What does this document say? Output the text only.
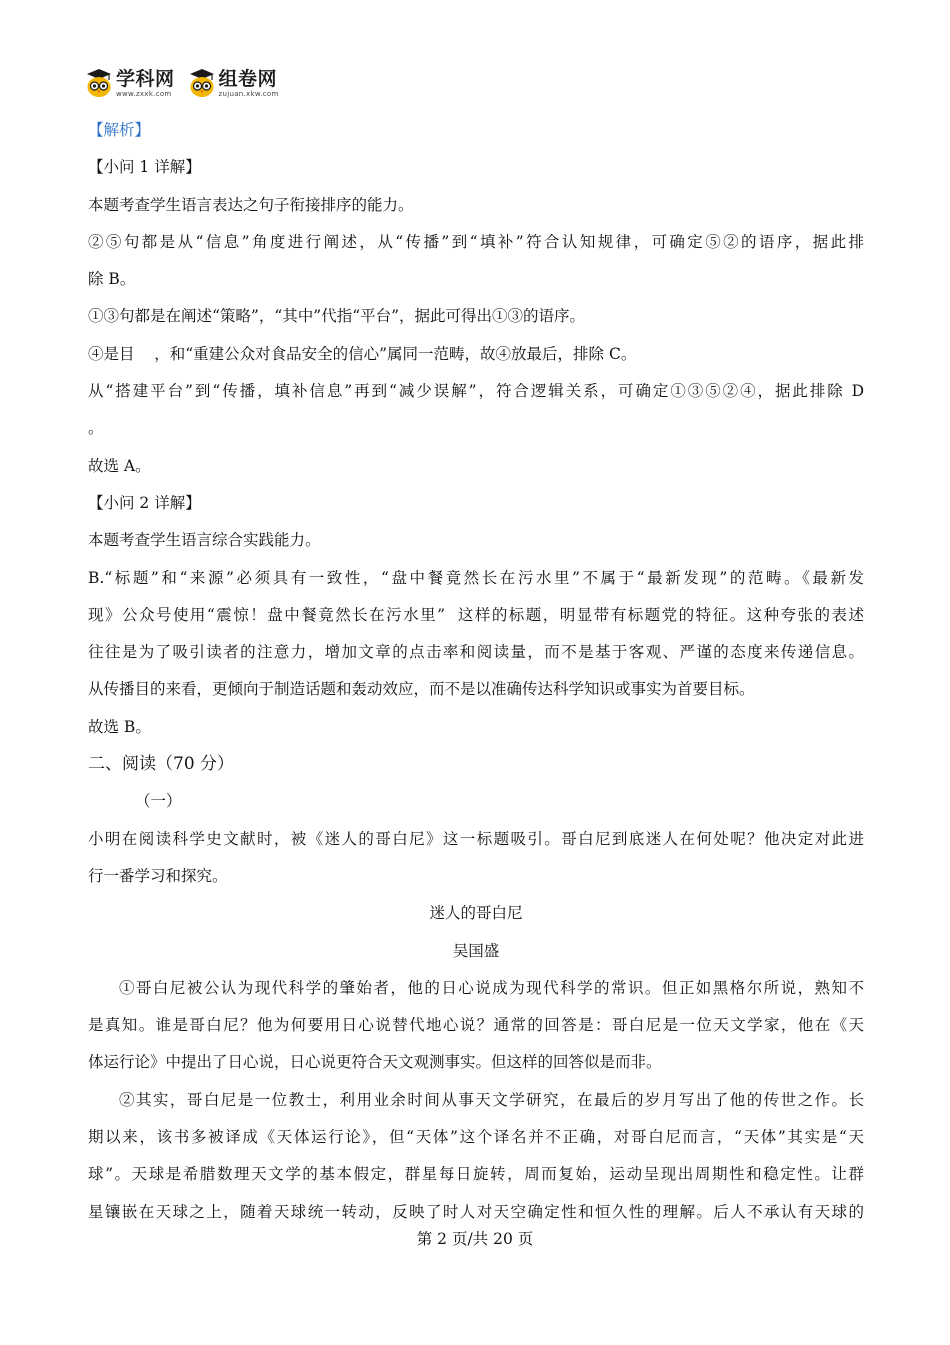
学科网
www.zxxk.com
组卷网
zujuan.xkw.com
【解析】
【小问 1 详解】
本题考查学生语言表达之句子衔接排序的能力。
②⑤句都是从“信息”角度进行阐述，从“传播”到“填补”符合认知规律，可确定⑤②的语序，据此排
除 B。
①③句都是在阐述“策略”，“其中”代指“平台”，据此可得出①③的语序。
④是目    ，和“重建公众对食品安全的信心”属同一范畴，故④放最后，排除 C。
从“搭建平台”到“传播，填补信息”再到“减少误解”，符合逻辑关系，可确定①③⑤②④，据此排除 D
。
故选 A。
【小问 2 详解】
本题考查学生语言综合实践能力。
B.“标题”和“来源”必须具有一致性，“盘中餐竟然长在污水里”不属于“最新发现”的范畴。《最新发
现》公众号使用“震惊！盘中餐竟然长在污水里”  这样的标题，明显带有标题党的特征。这种夸张的表述
往往是为了吸引读者的注意力，增加文章的点击率和阅读量，而不是基于客观、严谨的态度来传递信息。
从传播目的来看，更倾向于制造话题和轰动效应，而不是以准确传达科学知识或事实为首要目标。
故选 B。
二、阅读（70 分）
（一）
小明在阅读科学史文献时，被《迷人的哥白尼》这一标题吸引。哥白尼到底迷人在何处呢？他决定对此进
行一番学习和探究。
迷人的哥白尼
吴国盛
①哥白尼被公认为现代科学的肇始者，他的日心说成为现代科学的常识。但正如黑格尔所说，熟知不
是真知。谁是哥白尼？他为何要用日心说替代地心说？通常的回答是：哥白尼是一位天文学家，他在《天
体运行论》中提出了日心说，日心说更符合天文观测事实。但这样的回答似是而非。
②其实，哥白尼是一位教士，利用业余时间从事天文学研究，在最后的岁月写出了他的传世之作。长
期以来，该书多被译成《天体运行论》，但“天体”这个译名并不正确，对哥白尼而言，“天体”其实是“天
球”。天球是希腊数理天文学的基本假定，群星每日旋转，周而复始，运动呈现出周期性和稳定性。让群
星镶嵌在天球之上，随着天球统一转动，反映了时人对天空确定性和恒久性的理解。后人不承认有天球的
第 2 页/共 20 页
